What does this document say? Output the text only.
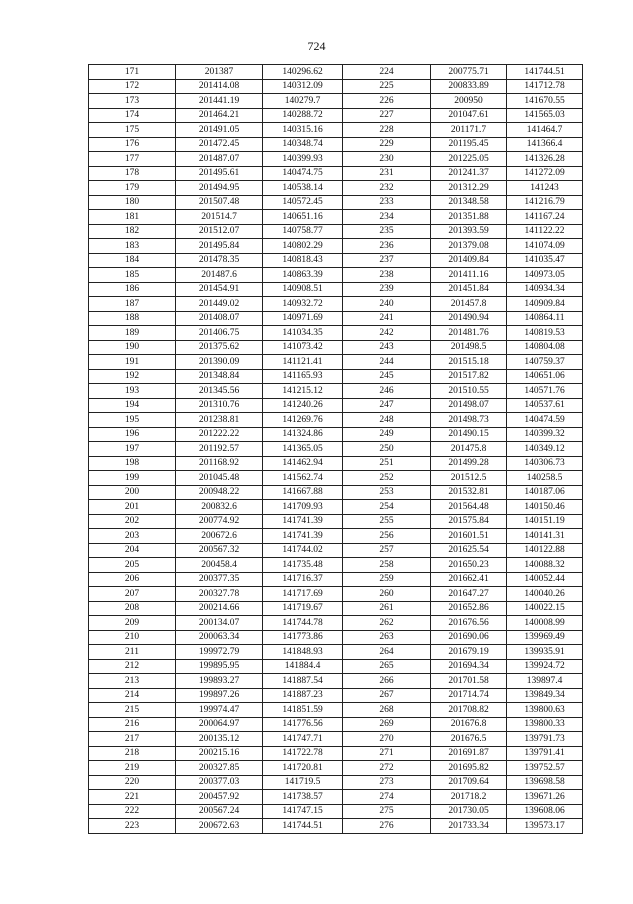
724
171	201387	140296.62	224	200775.71	141744.51
172	201414.08	140312.09	225	200833.89	141712.78
173	201441.19	140279.7	226	200950	141670.55
174	201464.21	140288.72	227	201047.61	141565.03
175	201491.05	140315.16	228	201171.7	141464.7
176	201472.45	140348.74	229	201195.45	141366.4
177	201487.07	140399.93	230	201225.05	141326.28
178	201495.61	140474.75	231	201241.37	141272.09
179	201494.95	140538.14	232	201312.29	141243
180	201507.48	140572.45	233	201348.58	141216.79
181	201514.7	140651.16	234	201351.88	141167.24
182	201512.07	140758.77	235	201393.59	141122.22
183	201495.84	140802.29	236	201379.08	141074.09
184	201478.35	140818.43	237	201409.84	141035.47
185	201487.6	140863.39	238	201411.16	140973.05
186	201454.91	140908.51	239	201451.84	140934.34
187	201449.02	140932.72	240	201457.8	140909.84
188	201408.07	140971.69	241	201490.94	140864.11
189	201406.75	141034.35	242	201481.76	140819.53
190	201375.62	141073.42	243	201498.5	140804.08
191	201390.09	141121.41	244	201515.18	140759.37
192	201348.84	141165.93	245	201517.82	140651.06
193	201345.56	141215.12	246	201510.55	140571.76
194	201310.76	141240.26	247	201498.07	140537.61
195	201238.81	141269.76	248	201498.73	140474.59
196	201222.22	141324.86	249	201490.15	140399.32
197	201192.57	141365.05	250	201475.8	140349.12
198	201168.92	141462.94	251	201499.28	140306.73
199	201045.48	141562.74	252	201512.5	140258.5
200	200948.22	141667.88	253	201532.81	140187.06
201	200832.6	141709.93	254	201564.48	140150.46
202	200774.92	141741.39	255	201575.84	140151.19
203	200672.6	141741.39	256	201601.51	140141.31
204	200567.32	141744.02	257	201625.54	140122.88
205	200458.4	141735.48	258	201650.23	140088.32
206	200377.35	141716.37	259	201662.41	140052.44
207	200327.78	141717.69	260	201647.27	140040.26
208	200214.66	141719.67	261	201652.86	140022.15
209	200134.07	141744.78	262	201676.56	140008.99
210	200063.34	141773.86	263	201690.06	139969.49
211	199972.79	141848.93	264	201679.19	139935.91
212	199895.95	141884.4	265	201694.34	139924.72
213	199893.27	141887.54	266	201701.58	139897.4
214	199897.26	141887.23	267	201714.74	139849.34
215	199974.47	141851.59	268	201708.82	139800.63
216	200064.97	141776.56	269	201676.8	139800.33
217	200135.12	141747.71	270	201676.5	139791.73
218	200215.16	141722.78	271	201691.87	139791.41
219	200327.85	141720.81	272	201695.82	139752.57
220	200377.03	141719.5	273	201709.64	139698.58
221	200457.92	141738.57	274	201718.2	139671.26
222	200567.24	141747.15	275	201730.05	139608.06
223	200672.63	141744.51	276	201733.34	139573.17
